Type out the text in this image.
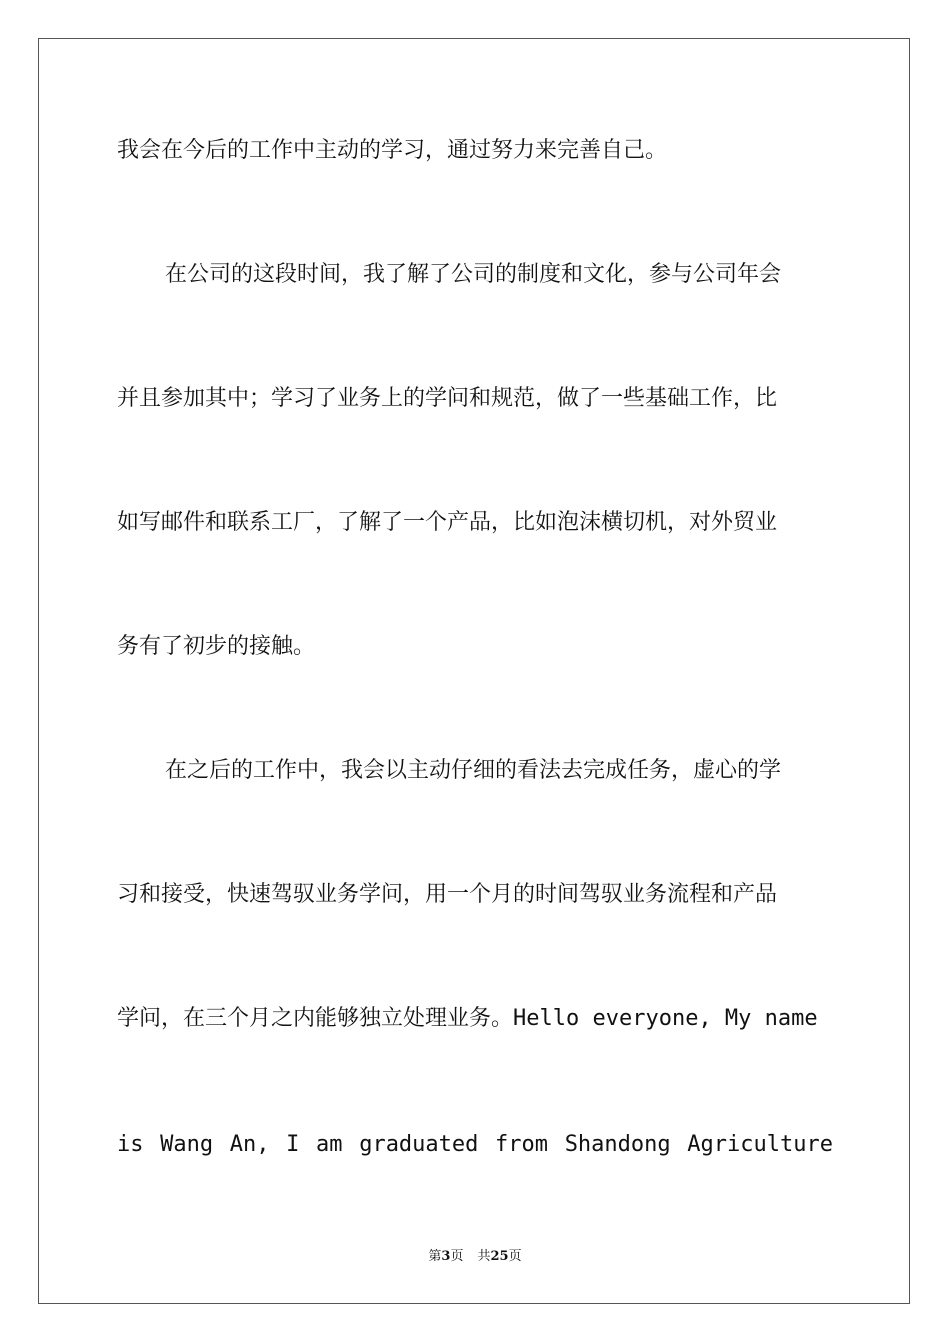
我会在今后的工作中主动的学习，通过努力来完善自己。
在公司的这段时间，我了解了公司的制度和文化，参与公司年会
并且参加其中；学习了业务上的学问和规范，做了一些基础工作，比
如写邮件和联系工厂，了解了一个产品，比如泡沫横切机，对外贸业
务有了初步的接触。
在之后的工作中，我会以主动仔细的看法去完成任务，虚心的学
习和接受，快速驾驭业务学问，用一个月的时间驾驭业务流程和产品
学问，在三个月之内能够独立处理业务。Hello everyone, My name
is Wang An, I am graduated from Shandong Agriculture
第3页 共25页
